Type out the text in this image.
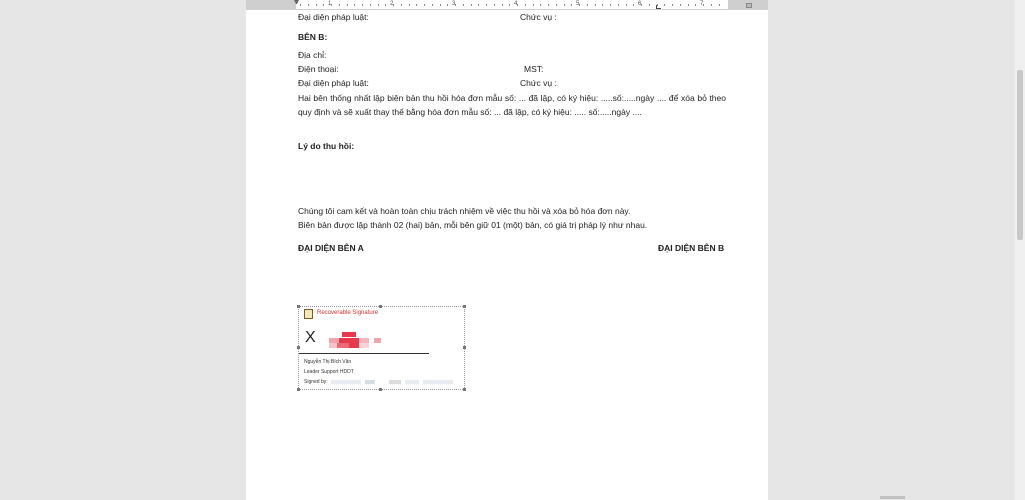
1	2	3	4	5	6	7
Đại diện pháp luật:	Chức vụ :
BÊN B:
Địa chỉ:
Điện thoại:	MST:
Đại diện pháp luật:	Chức vụ :
Hai bên thống nhất lập biên bản thu hồi hóa đơn mẫu số: ... đã lập, có ký hiệu: .....số:.....ngày .... để xóa bỏ theo quy định và sẽ xuất thay thế bằng hóa đơn mẫu số: ... đã lập, có ký hiệu: ..... số:.....ngày ....
Lý do thu hồi:
Chúng tôi cam kết và hoàn toàn chịu trách nhiệm về việc thu hồi và xóa bỏ hóa đơn này.
Biên bản được lập thành 02 (hai) bản, mỗi bên giữ 01 (một) bản, có giá trị pháp lý như nhau.
ĐẠI DIỆN BÊN A	ĐẠI DIỆN BÊN B
Recoverable Signature
X
Nguyễn Thị Bích Vân
Leader Support HDDT
Signed by:
